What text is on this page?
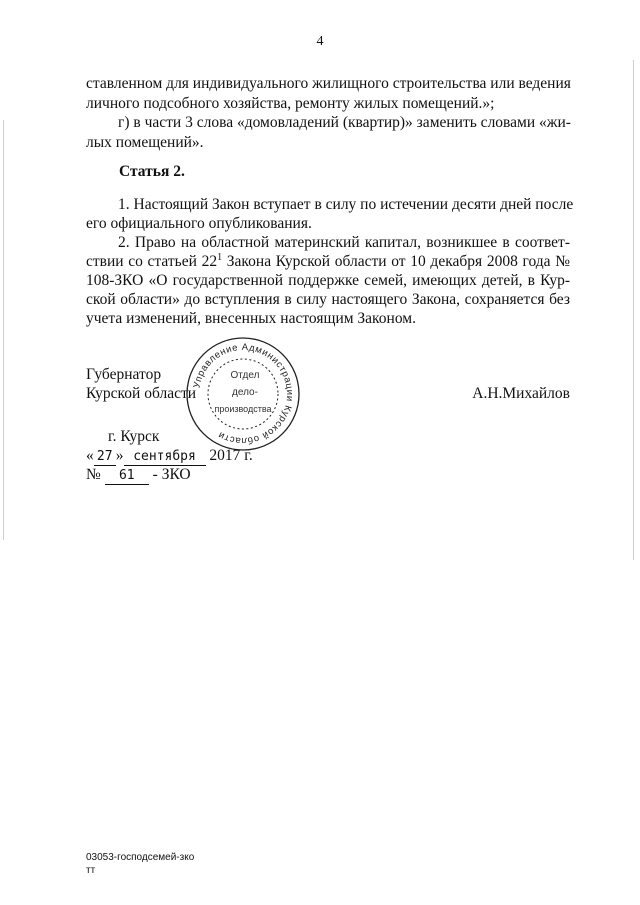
4
ставленном для индивидуального жилищного строительства или ведения
личного подсобного хозяйства, ремонту жилых помещений.»;
г) в части 3 слова «домовладений (квартир)» заменить словами «жи-
лых помещений».
Статья 2.
1. Настоящий Закон вступает в силу по истечении десяти дней после
его официального опубликования.
2. Право на областной материнский капитал, возникшее в соответ-
ствии со статьей $22^1$ Закона Курской области от 10 декабря 2008 года №
108-ЗКО «О государственной поддержке семей, имеющих детей, в Кур-
ской области» до вступления в силу настоящего Закона, сохраняется без
учета изменений, внесенных настоящим Законом.
Управление Администрации Курской области
Отдел
дело-
производства
Губернатор
Курской области	А.Н.Михайлов
г. Курск
« 27 » сентября 2017 г.
№ 61 - ЗКО
03053-господсемей-зко
тт
